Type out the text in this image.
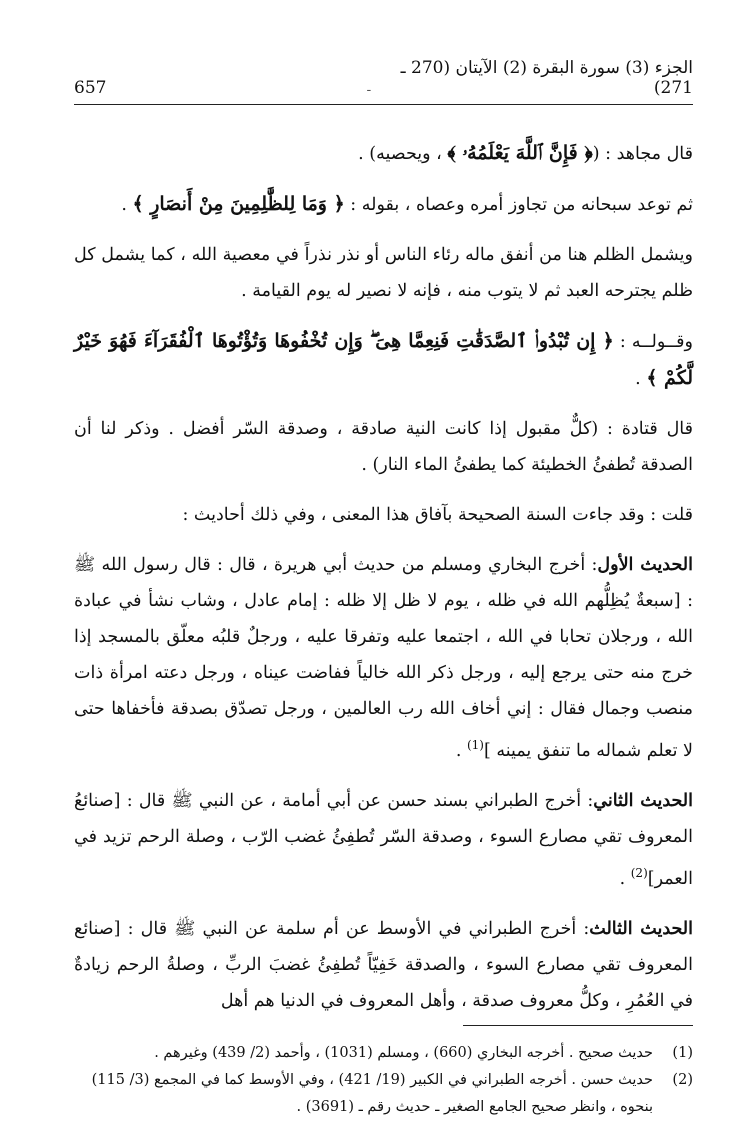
الجزء (3) سورة البقرة (2) الآيتان (270 ـ 271)
-
657

قال مجاهد : (﴿ فَإِنَّ ٱللَّهَ يَعْلَمُهُۥ ﴾ ، ويحصيه) .

ثم توعد سبحانه من تجاوز أمره وعصاه ، بقوله : ﴿ وَمَا لِلظَّٰلِمِينَ مِنْ أَنصَارٍ ﴾ .

ويشمل الظلم هنا من أنفق ماله رئاء الناس أو نذر نذراً في معصية الله ، كما يشمل كل ظلم يجترحه العبد ثم لا يتوب منه ، فإنه لا نصير له يوم القيامة .

وقــولــه : ﴿ إِن تُبْدُوا۟ ٱلصَّدَقَٰتِ فَنِعِمَّا هِىَ ۖ وَإِن تُخْفُوهَا وَتُؤْتُوهَا ٱلْفُقَرَآءَ فَهُوَ خَيْرٌ لَّكُمْ ﴾ .

قال قتادة : (كلٌّ مقبول إذا كانت النية صادقة ، وصدقة السّر أفضل . وذكر لنا أن الصدقة تُطفئُ الخطيئة كما يطفئُ الماء النار) .

قلت : وقد جاءت السنة الصحيحة بآفاق هذا المعنى ، وفي ذلك أحاديث :

الحديث الأول: أخرج البخاري ومسلم من حديث أبي هريرة ، قال : قال رسول الله ﷺ : [سبعةٌ يُظِلُّهم الله في ظله ، يوم لا ظل إلا ظله : إمام عادل ، وشاب نشأ في عبادة الله ، ورجلان تحابا في الله ، اجتمعا عليه وتفرقا عليه ، ورجلٌ قلبُه معلّق بالمسجد إذا خرج منه حتى يرجع إليه ، ورجل ذكر الله خالياً ففاضت عيناه ، ورجل دعته امرأة ذات منصب وجمال فقال : إني أخاف الله رب العالمين ، ورجل تصدّق بصدقة فأخفاها حتى لا تعلم شماله ما تنفق يمينه ]$^{(1)}$ .

الحديث الثاني: أخرج الطبراني بسند حسن عن أبي أمامة ، عن النبي ﷺ قال : [صنائعُ المعروف تقي مصارع السوء ، وصدقة السّر تُطفِئُ غضب الرّب ، وصلة الرحم تزيد في العمر]$^{(2)}$ .

الحديث الثالث: أخرج الطبراني في الأوسط عن أم سلمة عن النبي ﷺ قال : [صنائع المعروف تقي مصارع السوء ، والصدقة خَفِيّاً تُطفِئُ غضبَ الربِّ ، وصلةُ الرحم زيادةٌ في العُمُرِ ، وكلُّ معروف صدقة ، وأهل المعروف في الدنيا هم أهل

(1)
حديث صحيح . أخرجه البخاري (660) ، ومسلم (1031) ، وأحمد (2/ 439) وغيرهم .
(2)
حديث حسن . أخرجه الطبراني في الكبير (19/ 421) ، وفي الأوسط كما في المجمع (3/ 115)
بنحوه ، وانظر صحيح الجامع الصغير ـ حديث رقم ـ (3691) .
